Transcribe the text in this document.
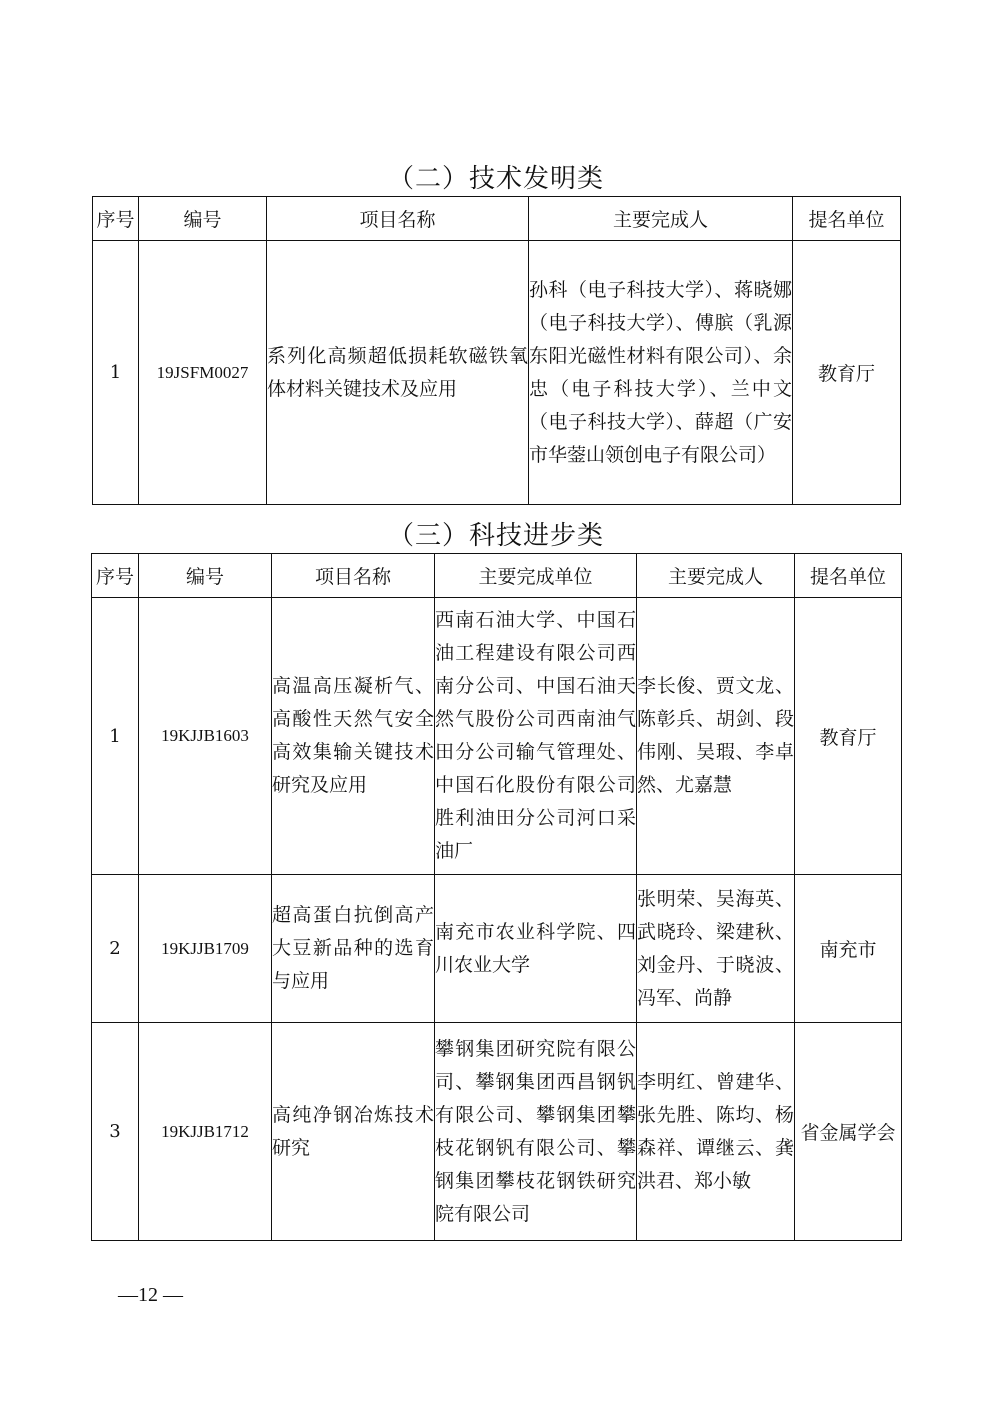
（二）技术发明类
序号	编号	项目名称	主要完成人	提名单位
1	19JSFM0027	系列化高频超低损耗软磁铁氧体材料关键技术及应用	孙科（电子科技大学）、蒋晓娜（电子科技大学）、傅膑（乳源东阳光磁性材料有限公司）、余忠（电子科技大学）、兰中文（电子科技大学）、薛超（广安市华蓥山领创电子有限公司）	教育厅
（三）科技进步类
序号	编号	项目名称	主要完成单位	主要完成人	提名单位
1	19KJJB1603	高温高压凝析气、高酸性天然气安全高效集输关键技术研究及应用	西南石油大学、中国石油工程建设有限公司西南分公司、中国石油天然气股份公司西南油气田分公司输气管理处、中国石化股份有限公司胜利油田分公司河口采油厂	李长俊、贾文龙、陈彰兵、胡剑、段伟刚、吴瑕、李卓然、尤嘉慧	教育厅
2	19KJJB1709	超高蛋白抗倒高产大豆新品种的选育与应用	南充市农业科学院、四川农业大学	张明荣、吴海英、武晓玲、梁建秋、刘金丹、于晓波、冯军、尚静	南充市
3	19KJJB1712	高纯净钢冶炼技术研究	攀钢集团研究院有限公司、攀钢集团西昌钢钒有限公司、攀钢集团攀枝花钢钒有限公司、攀钢集团攀枝花钢铁研究院有限公司	李明红、曾建华、张先胜、陈均、杨森祥、谭继云、龚洪君、郑小敏	省金属学会
—12 —
